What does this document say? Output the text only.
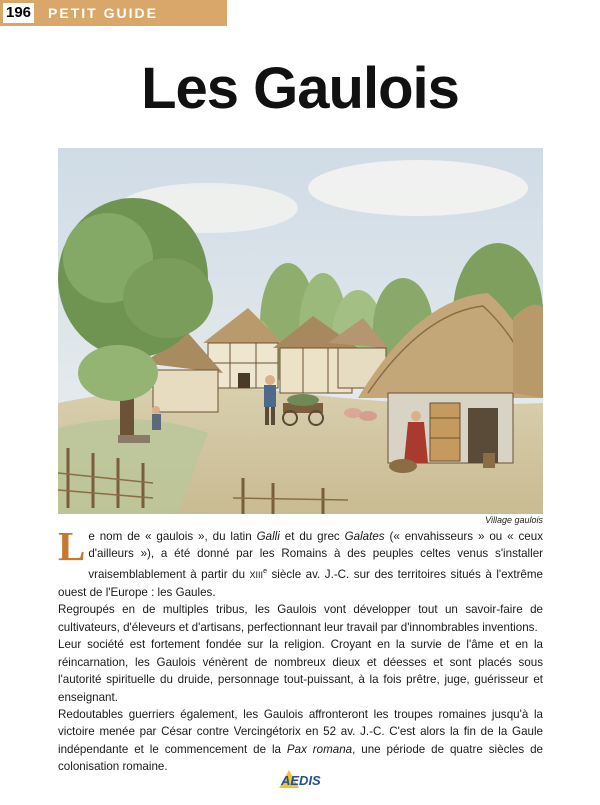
196 PETIT GUIDE
Les Gaulois
Village gaulois

Le nom de « gaulois », du latin Galli et du grec Galates (« envahisseurs » ou « ceux d'ailleurs »), a été donné par les Romains à des peuples celtes venus s'installer vraisemblablement à partir du XIIIe siècle av. J.-C. sur des territoires situés à l'extrême ouest de l'Europe : les Gaules.

Regroupés en de multiples tribus, les Gaulois vont développer tout un savoir-faire de cultivateurs, d'éleveurs et d'artisans, perfectionnant leur travail par d'innombrables inventions.

Leur société est fortement fondée sur la religion. Croyant en la survie de l'âme et en la réincarnation, les Gaulois vénèrent de nombreux dieux et déesses et sont placés sous l'autorité spirituelle du druide, personnage tout-puissant, à la fois prêtre, juge, guérisseur et enseignant.

Redoutables guerriers également, les Gaulois affronteront les troupes romaines jusqu'à la victoire menée par César contre Vercingétorix en 52 av. J.-C. C'est alors la fin de la Gaule indépendante et le commencement de la Pax romana, une période de quatre siècles de colonisation romaine.

AEDIS
